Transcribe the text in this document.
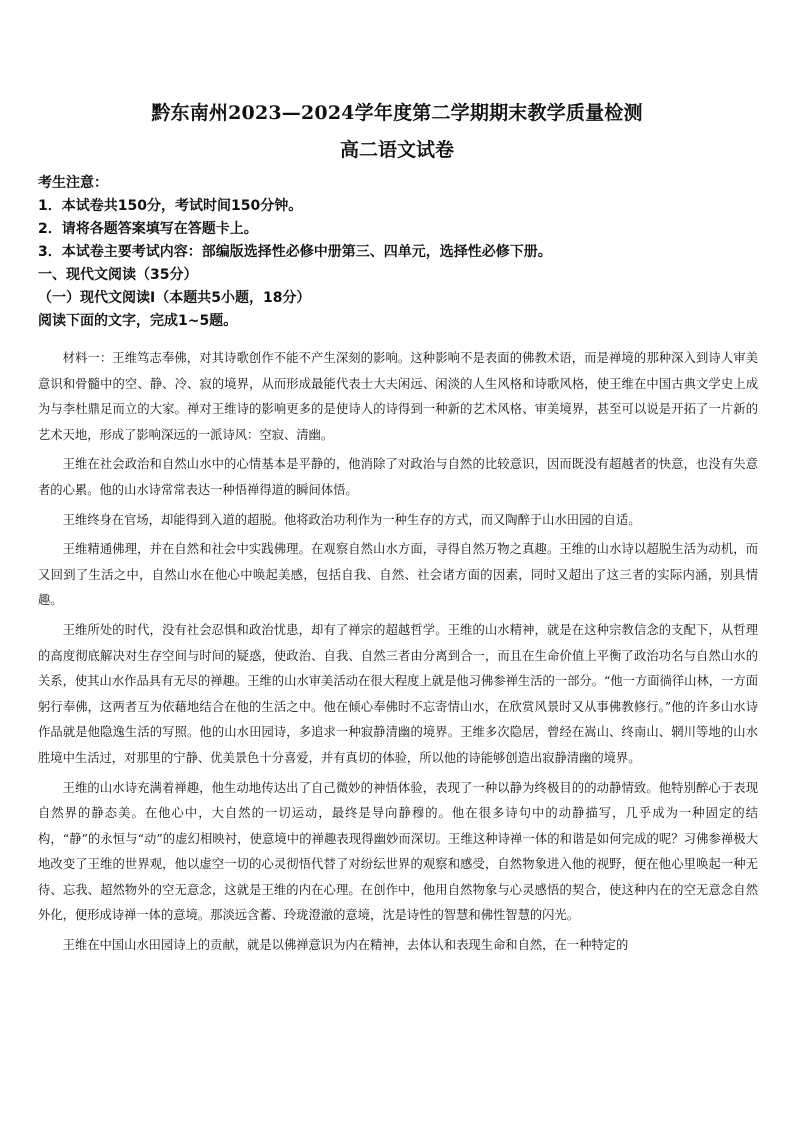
黔东南州2023—2024学年度第二学期期末教学质量检测
高二语文试卷
考生注意：
1．本试卷共150分，考试时间150分钟。
2．请将各题答案填写在答题卡上。
3．本试卷主要考试内容：部编版选择性必修中册第三、四单元，选择性必修下册。
一、现代文阅读（35分）
（一）现代文阅读Ⅰ（本题共5小题，18分）
阅读下面的文字，完成1~5题。

材料一：王维笃志奉佛，对其诗歌创作不能不产生深刻的影响。这种影响不是表面的佛教术语，而是禅境的那种深入到诗人审美意识和骨髓中的空、静、冷、寂的境界，从而形成最能代表士大夫闲远、闲淡的人生风格和诗歌风格，使王维在中国古典文学史上成为与李杜鼎足而立的大家。禅对王维诗的影响更多的是使诗人的诗得到一种新的艺术风格、审美境界，甚至可以说是开拓了一片新的艺术天地，形成了影响深远的一派诗风：空寂、清幽。

王维在社会政治和自然山水中的心情基本是平静的，他消除了对政治与自然的比较意识，因而既没有超越者的快意，也没有失意者的心累。他的山水诗常常表达一种悟禅得道的瞬间体悟。

王维终身在官场，却能得到入道的超脱。他将政治功利作为一种生存的方式，而又陶醉于山水田园的自适。

王维精通佛理，并在自然和社会中实践佛理。在观察自然山水方面，寻得自然万物之真趣。王维的山水诗以超脱生活为动机，而又回到了生活之中，自然山水在他心中唤起美感，包括自我、自然、社会诸方面的因素，同时又超出了这三者的实际内涵，别具情趣。

王维所处的时代，没有社会忍惧和政治忧患，却有了禅宗的超越哲学。王维的山水精神，就是在这种宗教信念的支配下，从哲理的高度彻底解决对生存空间与时间的疑惑，使政治、自我、自然三者由分离到合一，而且在生命价值上平衡了政治功名与自然山水的关系，使其山水作品具有无尽的禅趣。王维的山水审美活动在很大程度上就是他习佛参禅生活的一部分。“他一方面徜徉山林，一方面躬行奉佛，这两者互为依藉地结合在他的生活之中。他在倾心奉佛时不忘寄情山水，在欣赏风景时又从事佛教修行。”他的许多山水诗作品就是他隐逸生活的写照。他的山水田园诗，多追求一种寂静清幽的境界。王维多次隐居，曾经在嵩山、终南山、辋川等地的山水胜境中生活过，对那里的宁静、优美景色十分喜爱，并有真切的体验，所以他的诗能够创造出寂静清幽的境界。

王维的山水诗充满着禅趣，他生动地传达出了自己微妙的神悟体验，表现了一种以静为终极目的的动静情致。他特别醉心于表现自然界的静态美。在他心中，大自然的一切运动，最终是导向静穆的。他在很多诗句中的动静描写，几乎成为一种固定的结构，“静”的永恒与“动”的虚幻相映衬，使意境中的禅趣表现得幽妙而深切。王维这种诗禅一体的和谐是如何完成的呢？习佛参禅极大地改变了王维的世界观，他以虚空一切的心灵彻悟代替了对纷纭世界的观察和感受，自然物象进入他的视野，便在他心里唤起一种无待、忘我、超然物外的空无意念，这就是王维的内在心理。在创作中，他用自然物象与心灵感悟的契合，使这种内在的空无意念自然外化，便形成诗禅一体的意境。那淡远含蓄、玲珑澄澈的意境，沈是诗性的智慧和佛性智慧的闪光。

王维在中国山水田园诗上的贡献，就是以佛禅意识为内在精神，去体认和表现生命和自然，在一种特定的
